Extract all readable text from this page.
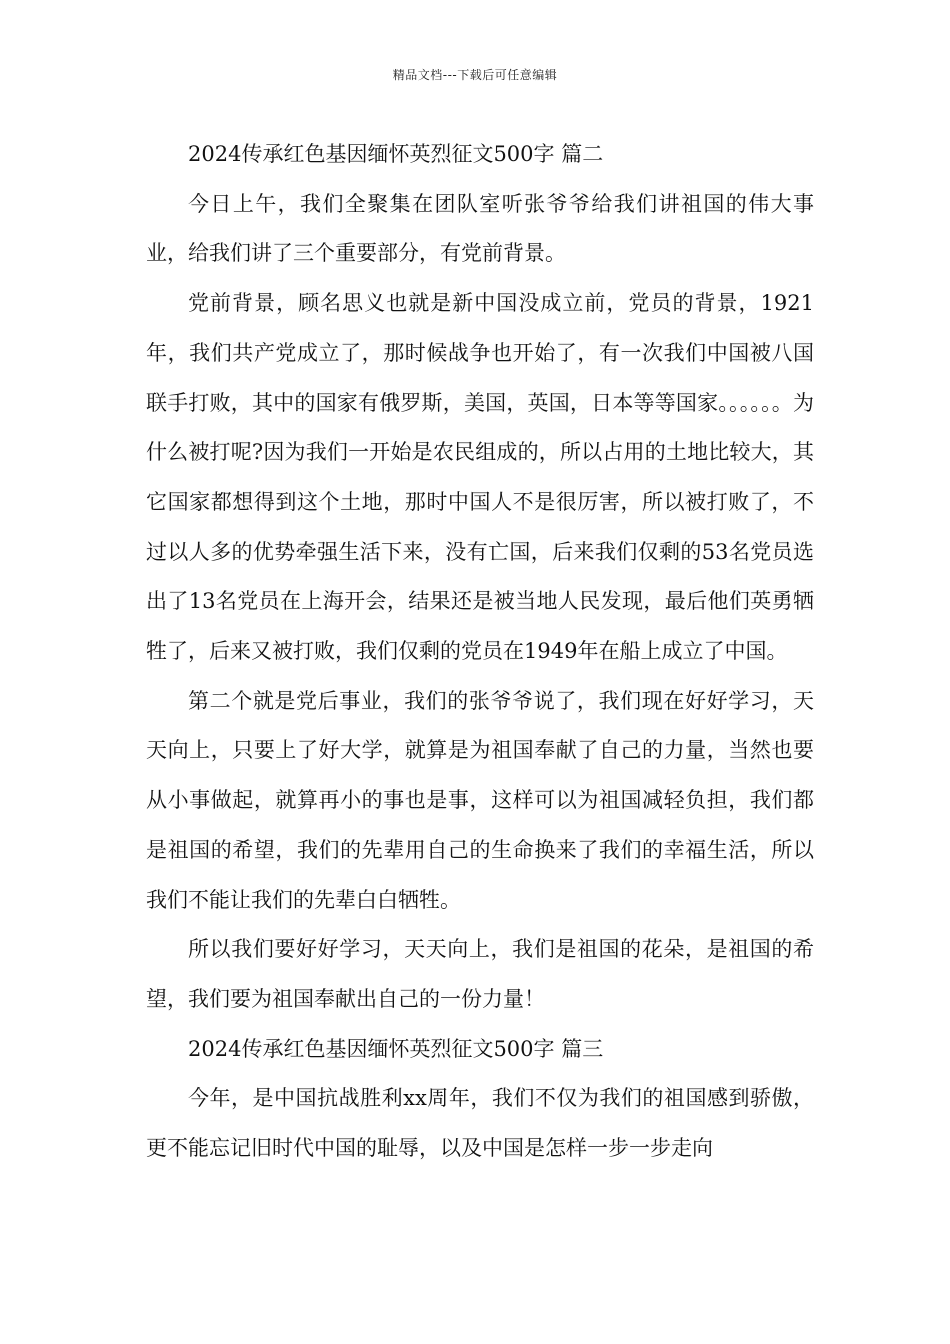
精品文档---下载后可任意编辑

2024传承红色基因缅怀英烈征文500字 篇二

今日上午，我们全聚集在团队室听张爷爷给我们讲祖国的伟大事业，给我们讲了三个重要部分，有党前背景。

党前背景，顾名思义也就是新中国没成立前，党员的背景，1921年，我们共产党成立了，那时候战争也开始了，有一次我们中国被八国联手打败，其中的国家有俄罗斯，美国，英国，日本等等国家。。。。。。为什么被打呢?因为我们一开始是农民组成的，所以占用的土地比较大，其它国家都想得到这个土地，那时中国人不是很厉害，所以被打败了，不过以人多的优势牵强生活下来，没有亡国，后来我们仅剩的53名党员选出了13名党员在上海开会，结果还是被当地人民发现，最后他们英勇牺牲了，后来又被打败，我们仅剩的党员在1949年在船上成立了中国。

第二个就是党后事业，我们的张爷爷说了，我们现在好好学习，天天向上，只要上了好大学，就算是为祖国奉献了自己的力量，当然也要从小事做起，就算再小的事也是事，这样可以为祖国减轻负担，我们都是祖国的希望，我们的先辈用自己的生命换来了我们的幸福生活，所以我们不能让我们的先辈白白牺牲。

所以我们要好好学习，天天向上，我们是祖国的花朵，是祖国的希望，我们要为祖国奉献出自己的一份力量！

2024传承红色基因缅怀英烈征文500字 篇三

今年，是中国抗战胜利xx周年，我们不仅为我们的祖国感到骄傲，更不能忘记旧时代中国的耻辱，以及中国是怎样一步一步走向
